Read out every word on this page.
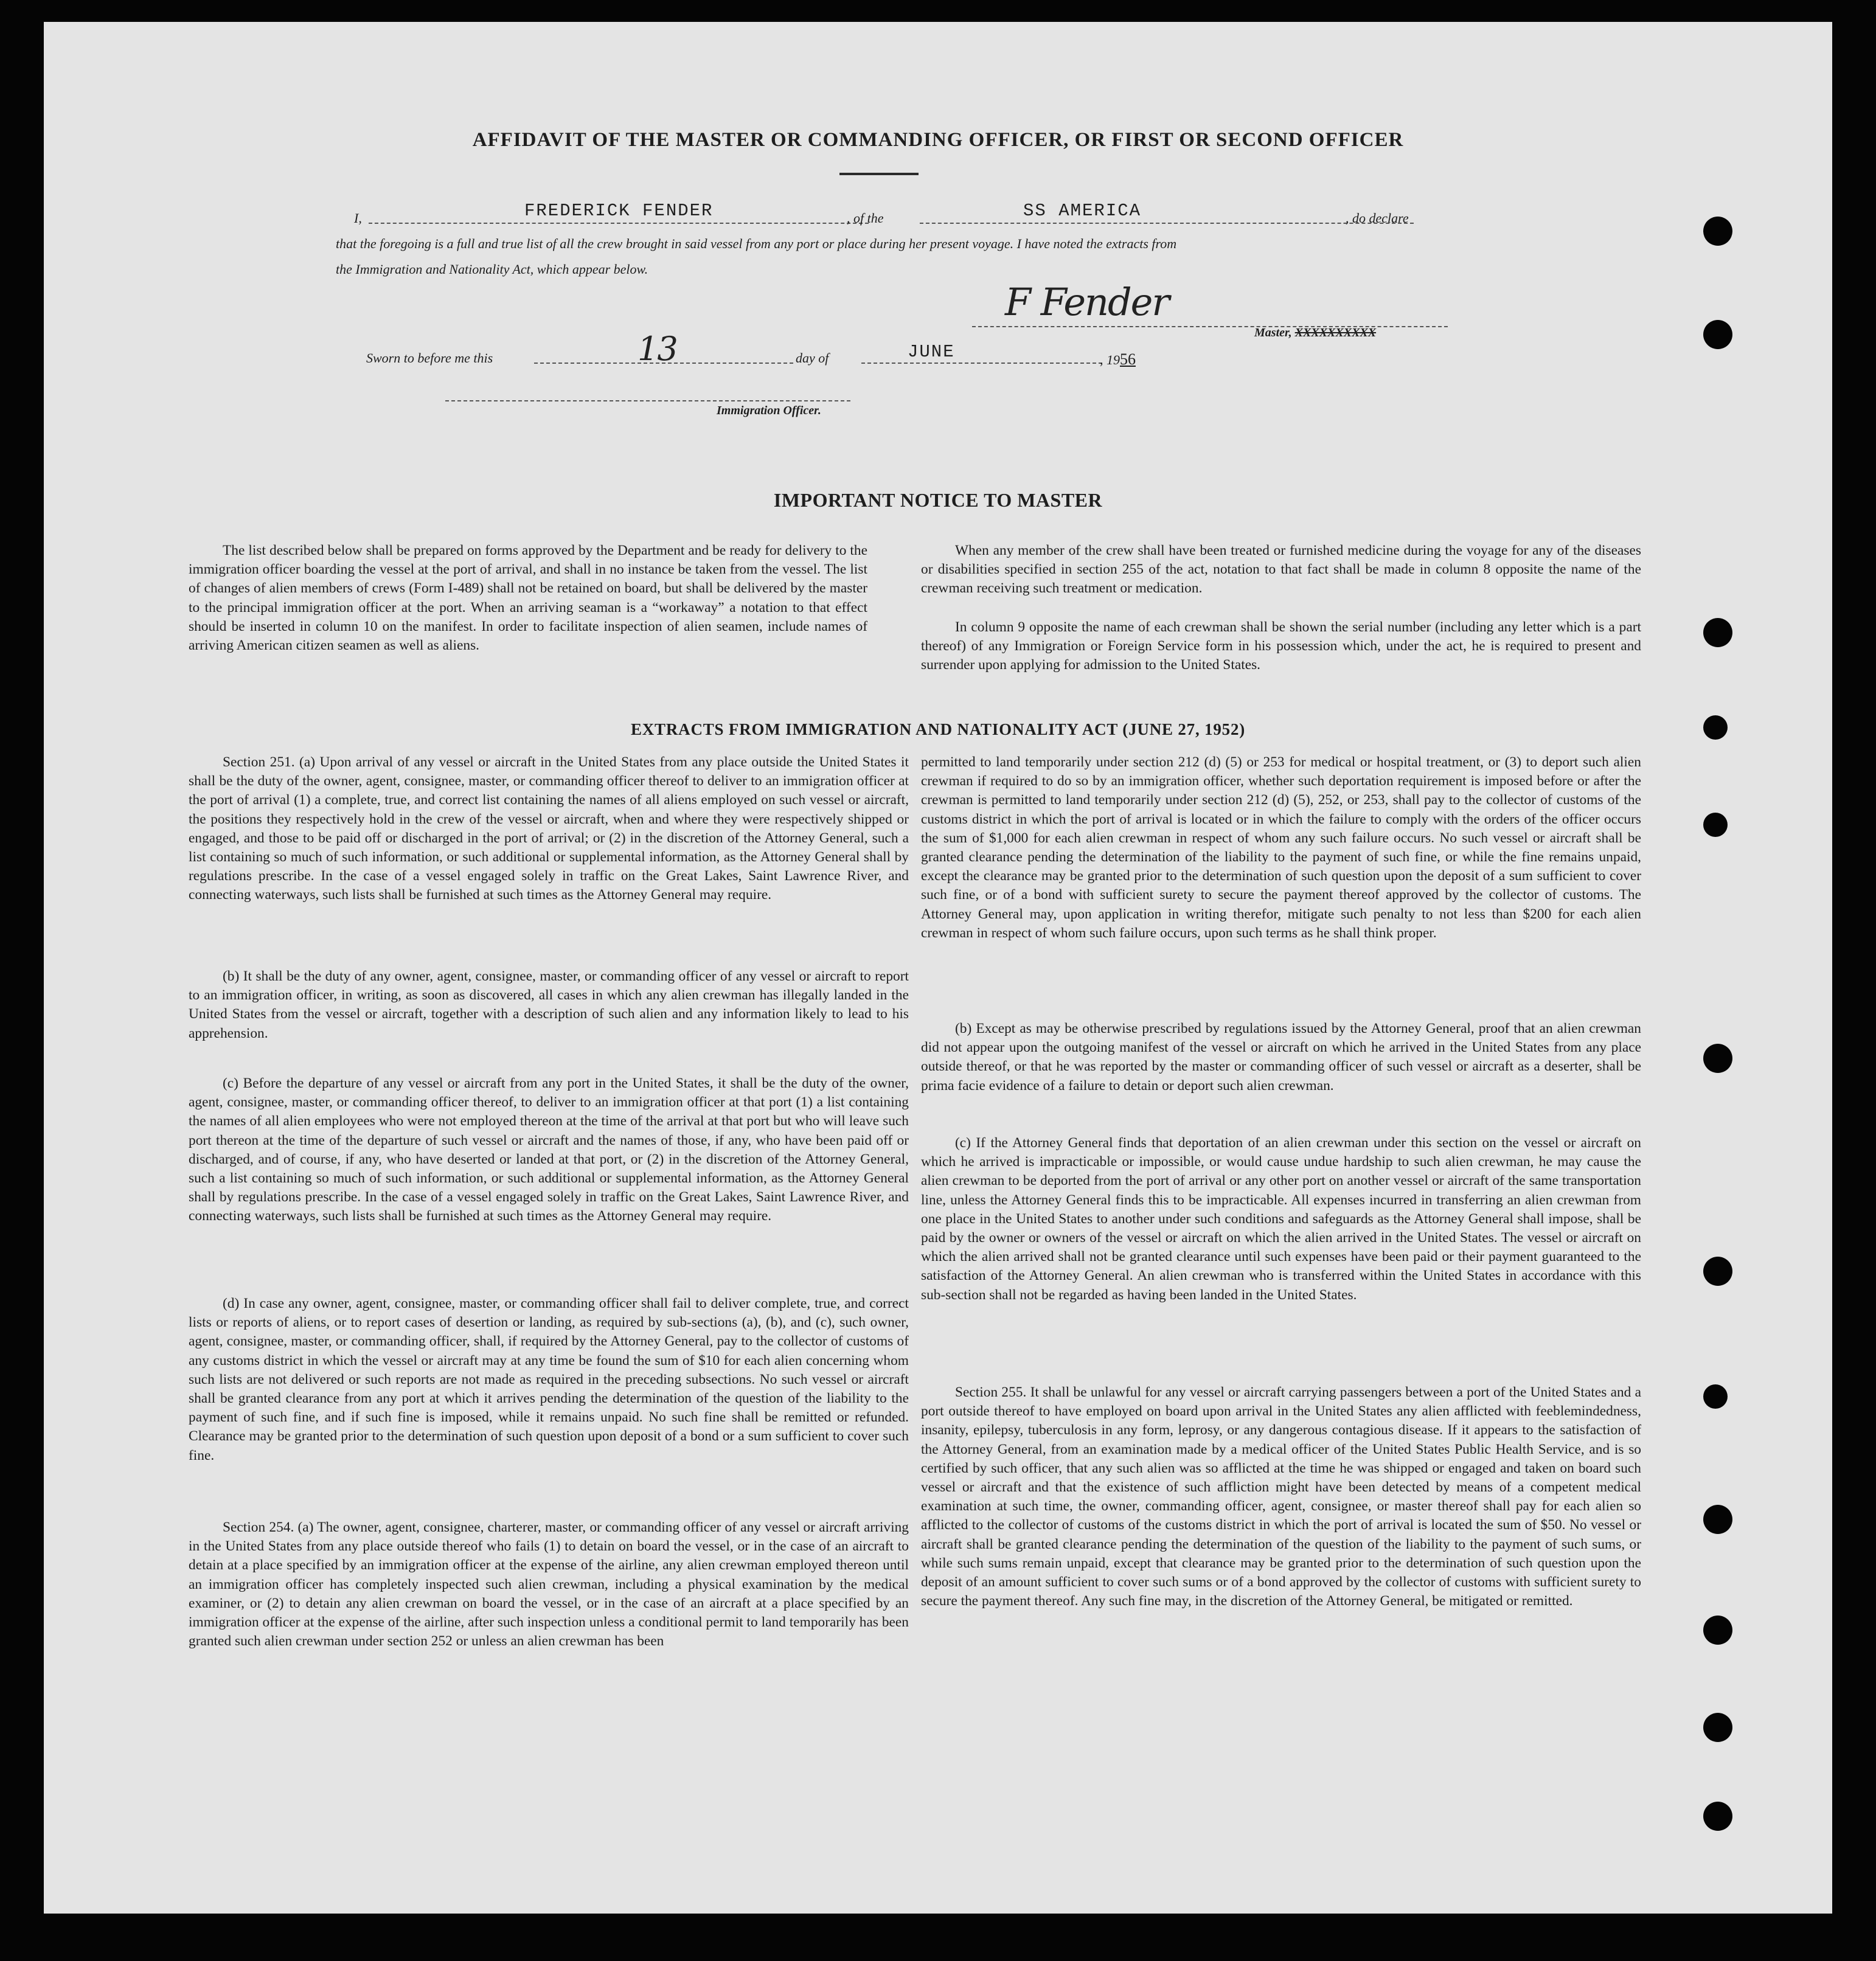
AFFIDAVIT OF THE MASTER OR COMMANDING OFFICER, OR FIRST OR SECOND OFFICER
I,	FREDERICK FENDER	, of the	SS AMERICA	, do declare
that the foregoing is a full and true list of all the crew brought in said vessel from any port or place during her present voyage. I have noted the extracts from
the Immigration and Nationality Act, which appear below.
F Fender
Master, XXXXXXXXXX
Sworn to before me this	13	day of	JUNE	, 1956
Immigration Officer.
IMPORTANT NOTICE TO MASTER
The list described below shall be prepared on forms approved by the Department and be ready for delivery to the immigration officer boarding the vessel at the port of arrival, and shall in no instance be taken from the vessel. The list of changes of alien members of crews (Form I-489) shall not be retained on board, but shall be delivered by the master to the principal immigration officer at the port. When an arriving seaman is a “workaway” a notation to that effect should be inserted in column 10 on the manifest. In order to facilitate inspection of alien seamen, include names of arriving American citizen seamen as well as aliens.
When any member of the crew shall have been treated or furnished medicine during the voyage for any of the diseases or disabilities specified in section 255 of the act, notation to that fact shall be made in column 8 opposite the name of the crewman receiving such treatment or medication.
In column 9 opposite the name of each crewman shall be shown the serial number (including any letter which is a part thereof) of any Immigration or Foreign Service form in his possession which, under the act, he is required to present and surrender upon applying for admission to the United States.
EXTRACTS FROM IMMIGRATION AND NATIONALITY ACT (JUNE 27, 1952)
Section 251. (a) Upon arrival of any vessel or aircraft in the United States from any place outside the United States it shall be the duty of the owner, agent, consignee, master, or commanding officer thereof to deliver to an immigration officer at the port of arrival (1) a complete, true, and correct list containing the names of all aliens employed on such vessel or aircraft, the positions they respectively hold in the crew of the vessel or aircraft, when and where they were respectively shipped or engaged, and those to be paid off or discharged in the port of arrival; or (2) in the discretion of the Attorney General, such a list containing so much of such information, or such additional or supplemental information, as the Attorney General shall by regulations prescribe. In the case of a vessel engaged solely in traffic on the Great Lakes, Saint Lawrence River, and connecting waterways, such lists shall be furnished at such times as the Attorney General may require.
(b) It shall be the duty of any owner, agent, consignee, master, or commanding officer of any vessel or aircraft to report to an immigration officer, in writing, as soon as discovered, all cases in which any alien crewman has illegally landed in the United States from the vessel or aircraft, together with a description of such alien and any information likely to lead to his apprehension.
(c) Before the departure of any vessel or aircraft from any port in the United States, it shall be the duty of the owner, agent, consignee, master, or commanding officer thereof, to deliver to an immigration officer at that port (1) a list containing the names of all alien employees who were not employed thereon at the time of the arrival at that port but who will leave such port thereon at the time of the departure of such vessel or aircraft and the names of those, if any, who have been paid off or discharged, and of course, if any, who have deserted or landed at that port, or (2) in the discretion of the Attorney General, such a list containing so much of such information, or such additional or supplemental information, as the Attorney General shall by regulations prescribe. In the case of a vessel engaged solely in traffic on the Great Lakes, Saint Lawrence River, and connecting waterways, such lists shall be furnished at such times as the Attorney General may require.
(d) In case any owner, agent, consignee, master, or commanding officer shall fail to deliver complete, true, and correct lists or reports of aliens, or to report cases of desertion or landing, as required by sub-sections (a), (b), and (c), such owner, agent, consignee, master, or commanding officer, shall, if required by the Attorney General, pay to the collector of customs of any customs district in which the vessel or aircraft may at any time be found the sum of $10 for each alien concerning whom such lists are not delivered or such reports are not made as required in the preceding subsections. No such vessel or aircraft shall be granted clearance from any port at which it arrives pending the determination of the question of the liability to the payment of such fine, and if such fine is imposed, while it remains unpaid. No such fine shall be remitted or refunded. Clearance may be granted prior to the determination of such question upon deposit of a bond or a sum sufficient to cover such fine.
Section 254. (a) The owner, agent, consignee, charterer, master, or commanding officer of any vessel or aircraft arriving in the United States from any place outside thereof who fails (1) to detain on board the vessel, or in the case of an aircraft to detain at a place specified by an immigration officer at the expense of the airline, any alien crewman employed thereon until an immigration officer has completely inspected such alien crewman, including a physical examination by the medical examiner, or (2) to detain any alien crewman on board the vessel, or in the case of an aircraft at a place specified by an immigration officer at the expense of the airline, after such inspection unless a conditional permit to land temporarily has been granted such alien crewman under section 252 or unless an alien crewman has been
permitted to land temporarily under section 212 (d) (5) or 253 for medical or hospital treatment, or (3) to deport such alien crewman if required to do so by an immigration officer, whether such deportation requirement is imposed before or after the crewman is permitted to land temporarily under section 212 (d) (5), 252, or 253, shall pay to the collector of customs of the customs district in which the port of arrival is located or in which the failure to comply with the orders of the officer occurs the sum of $1,000 for each alien crewman in respect of whom any such failure occurs. No such vessel or aircraft shall be granted clearance pending the determination of the liability to the payment of such fine, or while the fine remains unpaid, except the clearance may be granted prior to the determination of such question upon the deposit of a sum sufficient to cover such fine, or of a bond with sufficient surety to secure the payment thereof approved by the collector of customs. The Attorney General may, upon application in writing therefor, mitigate such penalty to not less than $200 for each alien crewman in respect of whom such failure occurs, upon such terms as he shall think proper.
(b) Except as may be otherwise prescribed by regulations issued by the Attorney General, proof that an alien crewman did not appear upon the outgoing manifest of the vessel or aircraft on which he arrived in the United States from any place outside thereof, or that he was reported by the master or commanding officer of such vessel or aircraft as a deserter, shall be prima facie evidence of a failure to detain or deport such alien crewman.
(c) If the Attorney General finds that deportation of an alien crewman under this section on the vessel or aircraft on which he arrived is impracticable or impossible, or would cause undue hardship to such alien crewman, he may cause the alien crewman to be deported from the port of arrival or any other port on another vessel or aircraft of the same transportation line, unless the Attorney General finds this to be impracticable. All expenses incurred in transferring an alien crewman from one place in the United States to another under such conditions and safeguards as the Attorney General shall impose, shall be paid by the owner or owners of the vessel or aircraft on which the alien arrived in the United States. The vessel or aircraft on which the alien arrived shall not be granted clearance until such expenses have been paid or their payment guaranteed to the satisfaction of the Attorney General. An alien crewman who is transferred within the United States in accordance with this sub-section shall not be regarded as having been landed in the United States.
Section 255. It shall be unlawful for any vessel or aircraft carrying passengers between a port of the United States and a port outside thereof to have employed on board upon arrival in the United States any alien afflicted with feeblemindedness, insanity, epilepsy, tuberculosis in any form, leprosy, or any dangerous contagious disease. If it appears to the satisfaction of the Attorney General, from an examination made by a medical officer of the United States Public Health Service, and is so certified by such officer, that any such alien was so afflicted at the time he was shipped or engaged and taken on board such vessel or aircraft and that the existence of such affliction might have been detected by means of a competent medical examination at such time, the owner, commanding officer, agent, consignee, or master thereof shall pay for each alien so afflicted to the collector of customs of the customs district in which the port of arrival is located the sum of $50. No vessel or aircraft shall be granted clearance pending the determination of the question of the liability to the payment of such sums, or while such sums remain unpaid, except that clearance may be granted prior to the determination of such question upon the deposit of an amount sufficient to cover such sums or of a bond approved by the collector of customs with sufficient surety to secure the payment thereof. Any such fine may, in the discretion of the Attorney General, be mitigated or remitted.
